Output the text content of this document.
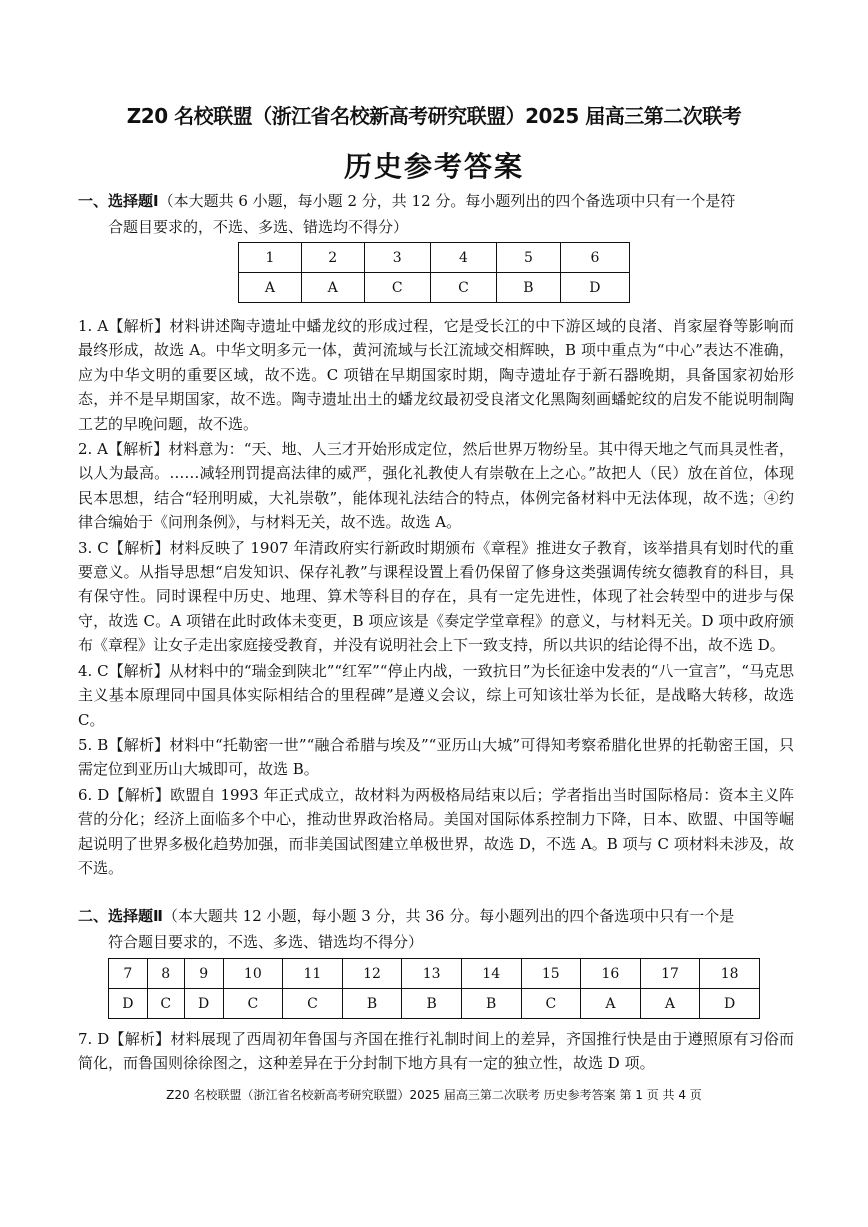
Z20 名校联盟（浙江省名校新高考研究联盟）2025 届高三第二次联考
历史参考答案
一、选择题Ⅰ（本大题共 6 小题，每小题 2 分，共 12 分。每小题列出的四个备选项中只有一个是符
合题目要求的，不选、多选、错选均不得分）
1	2	3	4	5	6
A	A	C	C	B	D

1. A【解析】材料讲述陶寺遗址中蟠龙纹的形成过程，它是受长江的中下游区域的良渚、肖家屋脊等影响而最终形成，故选 A。中华文明多元一体，黄河流域与长江流域交相辉映，B 项中重点为“中心”表达不准确，应为中华文明的重要区域，故不选。C 项错在早期国家时期，陶寺遗址存于新石器晚期，具备国家初始形态，并不是早期国家，故不选。陶寺遗址出土的蟠龙纹最初受良渚文化黑陶刻画蟠蛇纹的启发不能说明制陶工艺的早晚问题，故不选。

2. A【解析】材料意为：“天、地、人三才开始形成定位，然后世界万物纷呈。其中得天地之气而具灵性者，以人为最高。……减轻刑罚提高法律的威严，强化礼教使人有崇敬在上之心。”故把人（民）放在首位，体现民本思想，结合“轻刑明威，大礼崇敬”，能体现礼法结合的特点，体例完备材料中无法体现，故不选；④约律合编始于《问刑条例》，与材料无关，故不选。故选 A。

3. C【解析】材料反映了 1907 年清政府实行新政时期颁布《章程》推进女子教育，该举措具有划时代的重要意义。从指导思想“启发知识、保存礼教”与课程设置上看仍保留了修身这类强调传统女德教育的科目，具有保守性。同时课程中历史、地理、算术等科目的存在，具有一定先进性，体现了社会转型中的进步与保守，故选 C。A 项错在此时政体未变更，B 项应该是《奏定学堂章程》的意义，与材料无关。D 项中政府颁布《章程》让女子走出家庭接受教育，并没有说明社会上下一致支持，所以共识的结论得不出，故不选 D。

4. C【解析】从材料中的“瑞金到陕北”“红军”“停止内战，一致抗日”为长征途中发表的“八一宣言”，“马克思主义基本原理同中国具体实际相结合的里程碑”是遵义会议，综上可知该壮举为长征，是战略大转移，故选 C。

5. B【解析】材料中“托勒密一世”“融合希腊与埃及”“亚历山大城”可得知考察希腊化世界的托勒密王国，只需定位到亚历山大城即可，故选 B。

6. D【解析】欧盟自 1993 年正式成立，故材料为两极格局结束以后；学者指出当时国际格局：资本主义阵营的分化；经济上面临多个中心，推动世界政治格局。美国对国际体系控制力下降，日本、欧盟、中国等崛起说明了世界多极化趋势加强，而非美国试图建立单极世界，故选 D，不选 A。B 项与 C 项材料未涉及，故不选。

二、选择题Ⅱ（本大题共 12 小题，每小题 3 分，共 36 分。每小题列出的四个备选项中只有一个是
符合题目要求的，不选、多选、错选均不得分）
7	8	9	10	11	12	13	14	15	16	17	18
D	C	D	C	C	B	B	B	C	A	A	D

7. D【解析】材料展现了西周初年鲁国与齐国在推行礼制时间上的差异，齐国推行快是由于遵照原有习俗而简化，而鲁国则徐徐图之，这种差异在于分封制下地方具有一定的独立性，故选 D 项。

Z20 名校联盟（浙江省名校新高考研究联盟）2025 届高三第二次联考 历史参考答案 第 1 页 共 4 页
